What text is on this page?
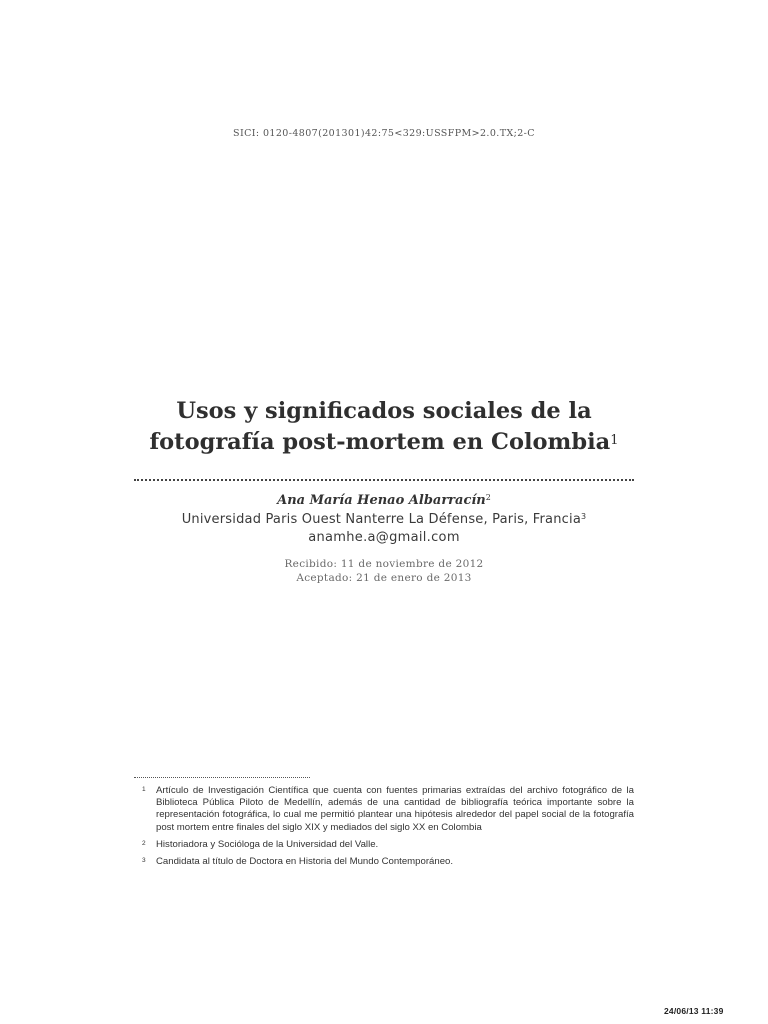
SICI: 0120-4807(201301)42:75<329:USSFPM>2.0.TX;2-C
Usos y significados sociales de la
fotografía post-mortem en Colombia$^1$
Ana María Henao Albarracín$^2$
Universidad Paris Ouest Nanterre La Défense, Paris, Francia$^3$
anamhe.a@gmail.com
Recibido: 11 de noviembre de 2012
Aceptado: 21 de enero de 2013
1 Artículo de Investigación Científica que cuenta con fuentes primarias extraídas del archivo fotográfico de la Biblioteca Pública Piloto de Medellín, además de una cantidad de bibliografía teórica importante sobre la representación fotográfica, lo cual me permitió plantear una hipótesis alrededor del papel social de la fotografía post mortem entre finales del siglo XIX y mediados del siglo XX en Colombia
2 Historiadora y Socióloga de la Universidad del Valle.
3 Candidata al título de Doctora en Historia del Mundo Contemporáneo.
24/06/13 11:39
